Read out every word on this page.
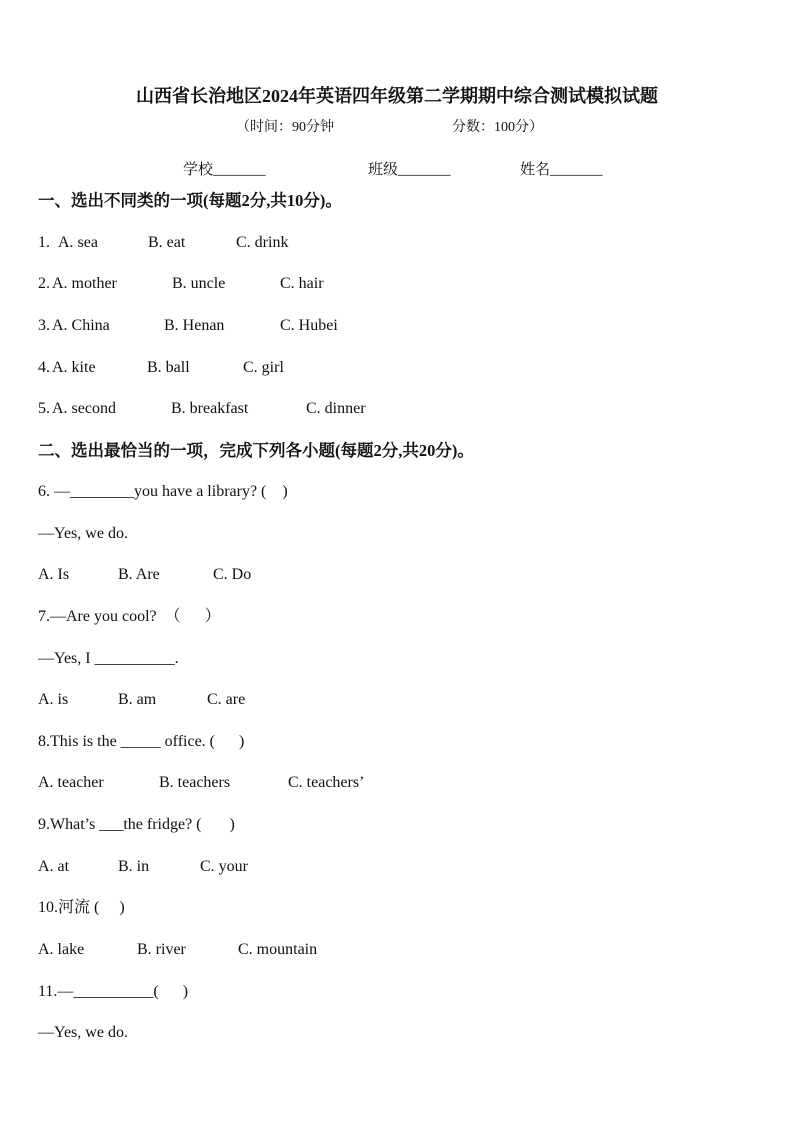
山西省长治地区2024年英语四年级第二学期期中综合测试模拟试题
（时间：90分钟	分数：100分）
学校_______	班级_______	姓名_______
一、选出不同类的一项(每题2分,共10分)。
1. A. sea	B. eat	C. drink
2. A. mother	B. uncle	C. hair
3. A. China	B. Henan	C. Hubei
4. A. kite	B. ball	C. girl
5. A. second	B. breakfast	C. dinner
二、选出最恰当的一项，完成下列各小题(每题2分,共20分)。
6. —________you have a library? (    )
—Yes, we do.
A. Is	B. Are	C. Do
7.—Are you cool?  （      ）
—Yes, I __________.
A. is	B. am	C. are
8.This is the _____ office. (      )
A. teacher	B. teachers	C. teachers’
9.What’s ___the fridge? (       )
A. at	B. in	C. your
10.河流 (     )
A. lake	B. river	C. mountain
11.—__________(      )
—Yes, we do.
